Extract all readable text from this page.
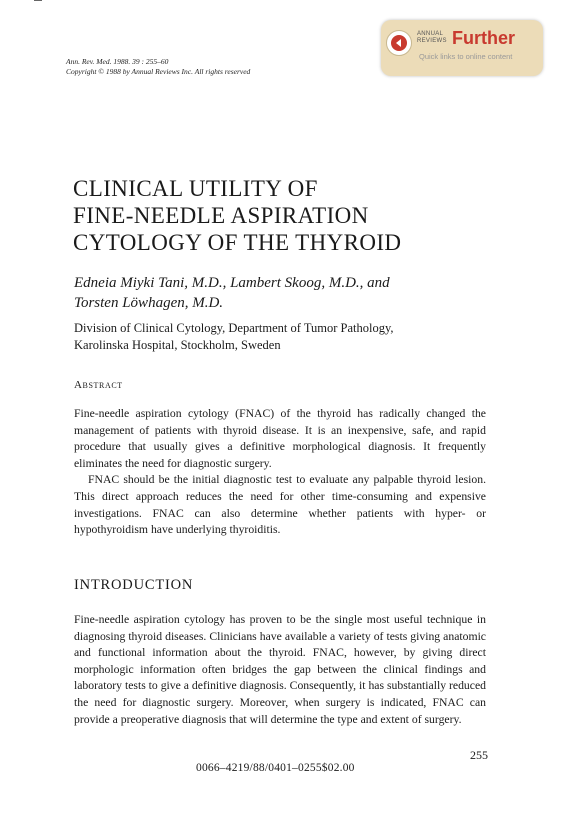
Ann. Rev. Med. 1988. 39 : 255–60
Copyright © 1988 by Annual Reviews Inc. All rights reserved
ANNUAL
REVIEWS Further
Quick links to online content
CLINICAL UTILITY OF
FINE-NEEDLE ASPIRATION
CYTOLOGY OF THE THYROID
Edneia Miyki Tani, M.D., Lambert Skoog, M.D., and
Torsten Löwhagen, M.D.
Division of Clinical Cytology, Department of Tumor Pathology,
Karolinska Hospital, Stockholm, Sweden
Abstract

Fine-needle aspiration cytology (FNAC) of the thyroid has radically changed the management of patients with thyroid disease. It is an inexpensive, safe, and rapid procedure that usually gives a definitive morphological diagnosis. It frequently eliminates the need for diagnostic surgery.

FNAC should be the initial diagnostic test to evaluate any palpable thyroid lesion. This direct approach reduces the need for other time-consuming and expensive investigations. FNAC can also determine whether patients with hyper- or hypothyroidism have underlying thyroiditis.

INTRODUCTION

Fine-needle aspiration cytology has proven to be the single most useful technique in diagnosing thyroid diseases. Clinicians have available a variety of tests giving anatomic and functional information about the thyroid. FNAC, however, by giving direct morphologic information often bridges the gap between the clinical findings and laboratory tests to give a definitive diagnosis. Consequently, it has substantially reduced the need for diagnostic surgery. Moreover, when surgery is indicated, FNAC can provide a preoperative diagnosis that will determine the type and extent of surgery.

255
0066–4219/88/0401–0255$02.00
